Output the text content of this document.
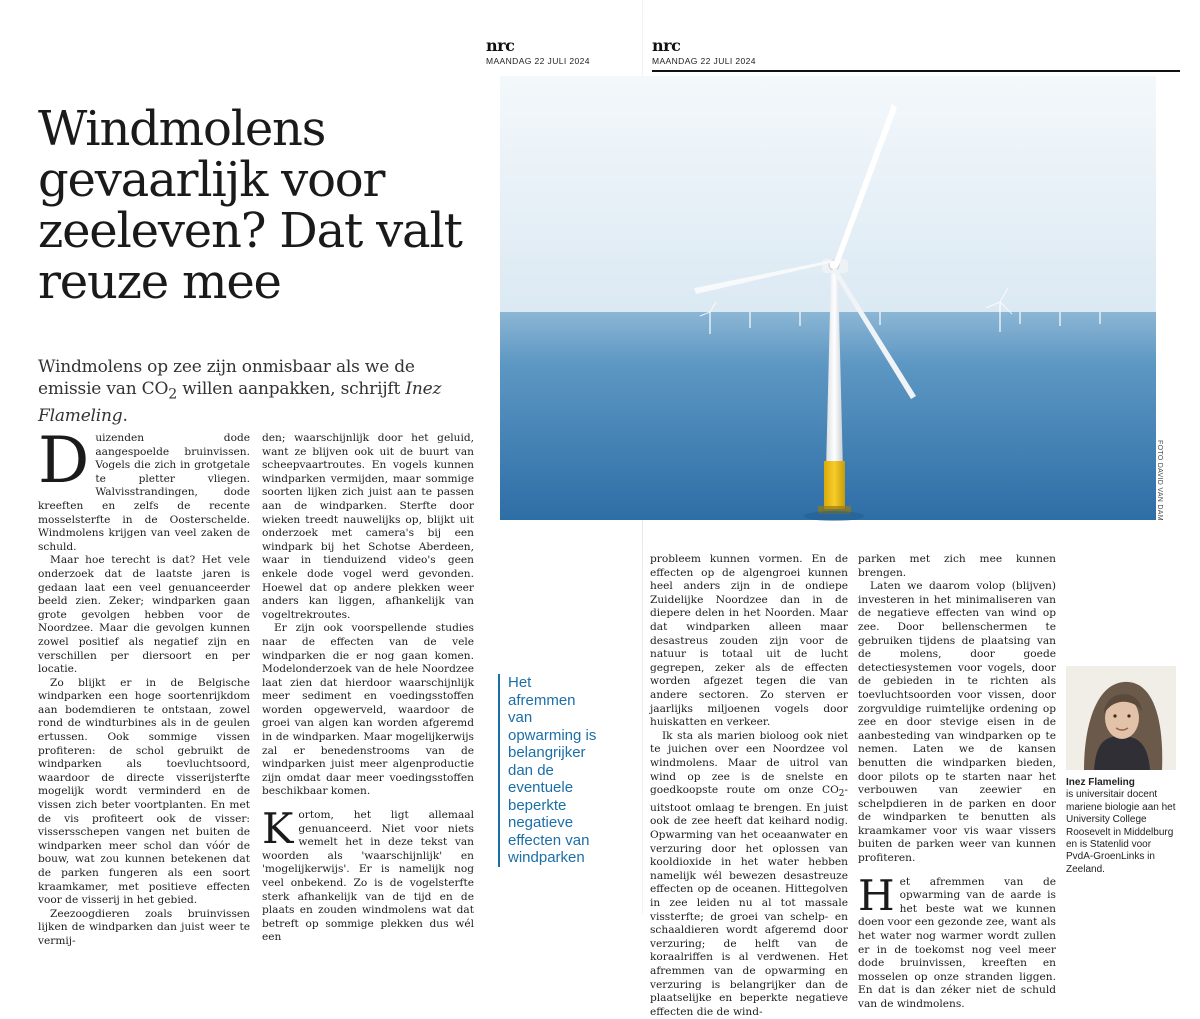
nrc
MAANDAG 22 JULI 2024
nrc
MAANDAG 22 JULI 2024
Windmolens gevaarlijk voor zeeleven? Dat valt reuze mee

Windmolens op zee zijn onmisbaar als we de emissie van $CO_2$ willen aanpakken, schrijft Inez Flameling.

FOTO DAVID VAN DAM

Duizenden dode aangespoelde bruinvissen. Vogels die zich in grotgetale te pletter vliegen. Walvisstrandingen, dode kreeften en zelfs de recente mosselsterfte in de Oosterschelde. Windmolens krijgen van veel zaken de schuld.

Maar hoe terecht is dat? Het vele onderzoek dat de laatste jaren is gedaan laat een veel genuanceerder beeld zien. Zeker; windparken gaan grote gevolgen hebben voor de Noordzee. Maar die gevolgen kunnen zowel positief als negatief zijn en verschillen per diersoort en per locatie.

Zo blijkt er in de Belgische windparken een hoge soortenrijkdom aan bodemdieren te ontstaan, zowel rond de windturbines als in de geulen ertussen. Ook sommige vissen profiteren: de schol gebruikt de windparken als toevluchtsoord, waardoor de directe visserijsterfte mogelijk wordt verminderd en de vissen zich beter voortplanten. En met de vis profiteert ook de visser: vissersschepen vangen net buiten de windparken meer schol dan vóór de bouw, wat zou kunnen betekenen dat de parken fungeren als een soort kraamkamer, met positieve effecten voor de visserij in het gebied.

Zeezoogdieren zoals bruinvissen lijken de windparken dan juist weer te vermij-

den; waarschijnlijk door het geluid, want ze blijven ook uit de buurt van scheepvaartroutes. En vogels kunnen windparken vermijden, maar sommige soorten lijken zich juist aan te passen aan de windparken. Sterfte door wieken treedt nauwelijks op, blijkt uit onderzoek met camera's bij een windpark bij het Schotse Aberdeen, waar in tienduizend video's geen enkele dode vogel werd gevonden. Hoewel dat op andere plekken weer anders kan liggen, afhankelijk van vogeltrekroutes.

Er zijn ook voorspellende studies naar de effecten van de vele windparken die er nog gaan komen. Modelonderzoek van de hele Noordzee laat zien dat hierdoor waarschijnlijk meer sediment en voedingsstoffen worden opgewerveld, waardoor de groei van algen kan worden afgeremd in de windparken. Maar mogelijkerwijs zal er benedenstrooms van de windparken juist meer algenproductie zijn omdat daar meer voedingsstoffen beschikbaar komen.

Kortom, het ligt allemaal genuanceerd. Niet voor niets wemelt het in deze tekst van woorden als 'waarschijnlijk' en 'mogelijkerwijs'. Er is namelijk nog veel onbekend. Zo is de vogelsterfte sterk afhankelijk van de tijd en de plaats en zouden windmolens wat dat betreft op sommige plekken dus wél een

Het afremmen van opwarming is belangrijker dan de eventuele beperkte negatieve effecten van windparken

probleem kunnen vormen. En de effecten op de algengroei kunnen heel anders zijn in de ondiepe Zuidelijke Noordzee dan in de diepere delen in het Noorden. Maar dat windparken alleen maar desastreus zouden zijn voor de natuur is totaal uit de lucht gegrepen, zeker als de effecten worden afgezet tegen die van andere sectoren. Zo sterven er jaarlijks miljoenen vogels door huiskatten en verkeer.

Ik sta als marien bioloog ook niet te juichen over een Noordzee vol windmolens. Maar de uitrol van wind op zee is de snelste en goedkoopste route om onze $CO_2$-uitstoot omlaag te brengen. En juist ook de zee heeft dat keihard nodig. Opwarming van het oceaanwater en verzuring door het oplossen van kooldioxide in het water hebben namelijk wél bewezen desastreuze effecten op de oceanen. Hittegolven in zee leiden nu al tot massale vissterfte; de groei van schelp- en schaaldieren wordt afgeremd door verzuring; de helft van de koraalriffen is al verdwenen. Het afremmen van de opwarming en verzuring is belangrijker dan de plaatselijke en beperkte negatieve effecten die de wind-

parken met zich mee kunnen brengen.

Laten we daarom volop (blijven) investeren in het minimaliseren van de negatieve effecten van wind op zee. Door bellenschermen te gebruiken tijdens de plaatsing van de molens, door goede detectiesystemen voor vogels, door de gebieden in te richten als toevluchtsoorden voor vissen, door zorgvuldige ruimtelijke ordening op zee en door stevige eisen in de aanbesteding van windparken op te nemen. Laten we de kansen benutten die windparken bieden, door pilots op te starten naar het verbouwen van zeewier en schelpdieren in de parken en door de windparken te benutten als kraamkamer voor vis waar vissers buiten de parken weer van kunnen profiteren.

Het afremmen van de opwarming van de aarde is het beste wat we kunnen doen voor een gezonde zee, want als het water nog warmer wordt zullen er in de toekomst nog veel meer dode bruinvissen, kreeften en mosselen op onze stranden liggen. En dat is dan zéker niet de schuld van de windmolens.

Inez Flameling
is universitair docent mariene biologie aan het University College Roosevelt in Middelburg en is Statenlid voor PvdA-GroenLinks in Zeeland.
